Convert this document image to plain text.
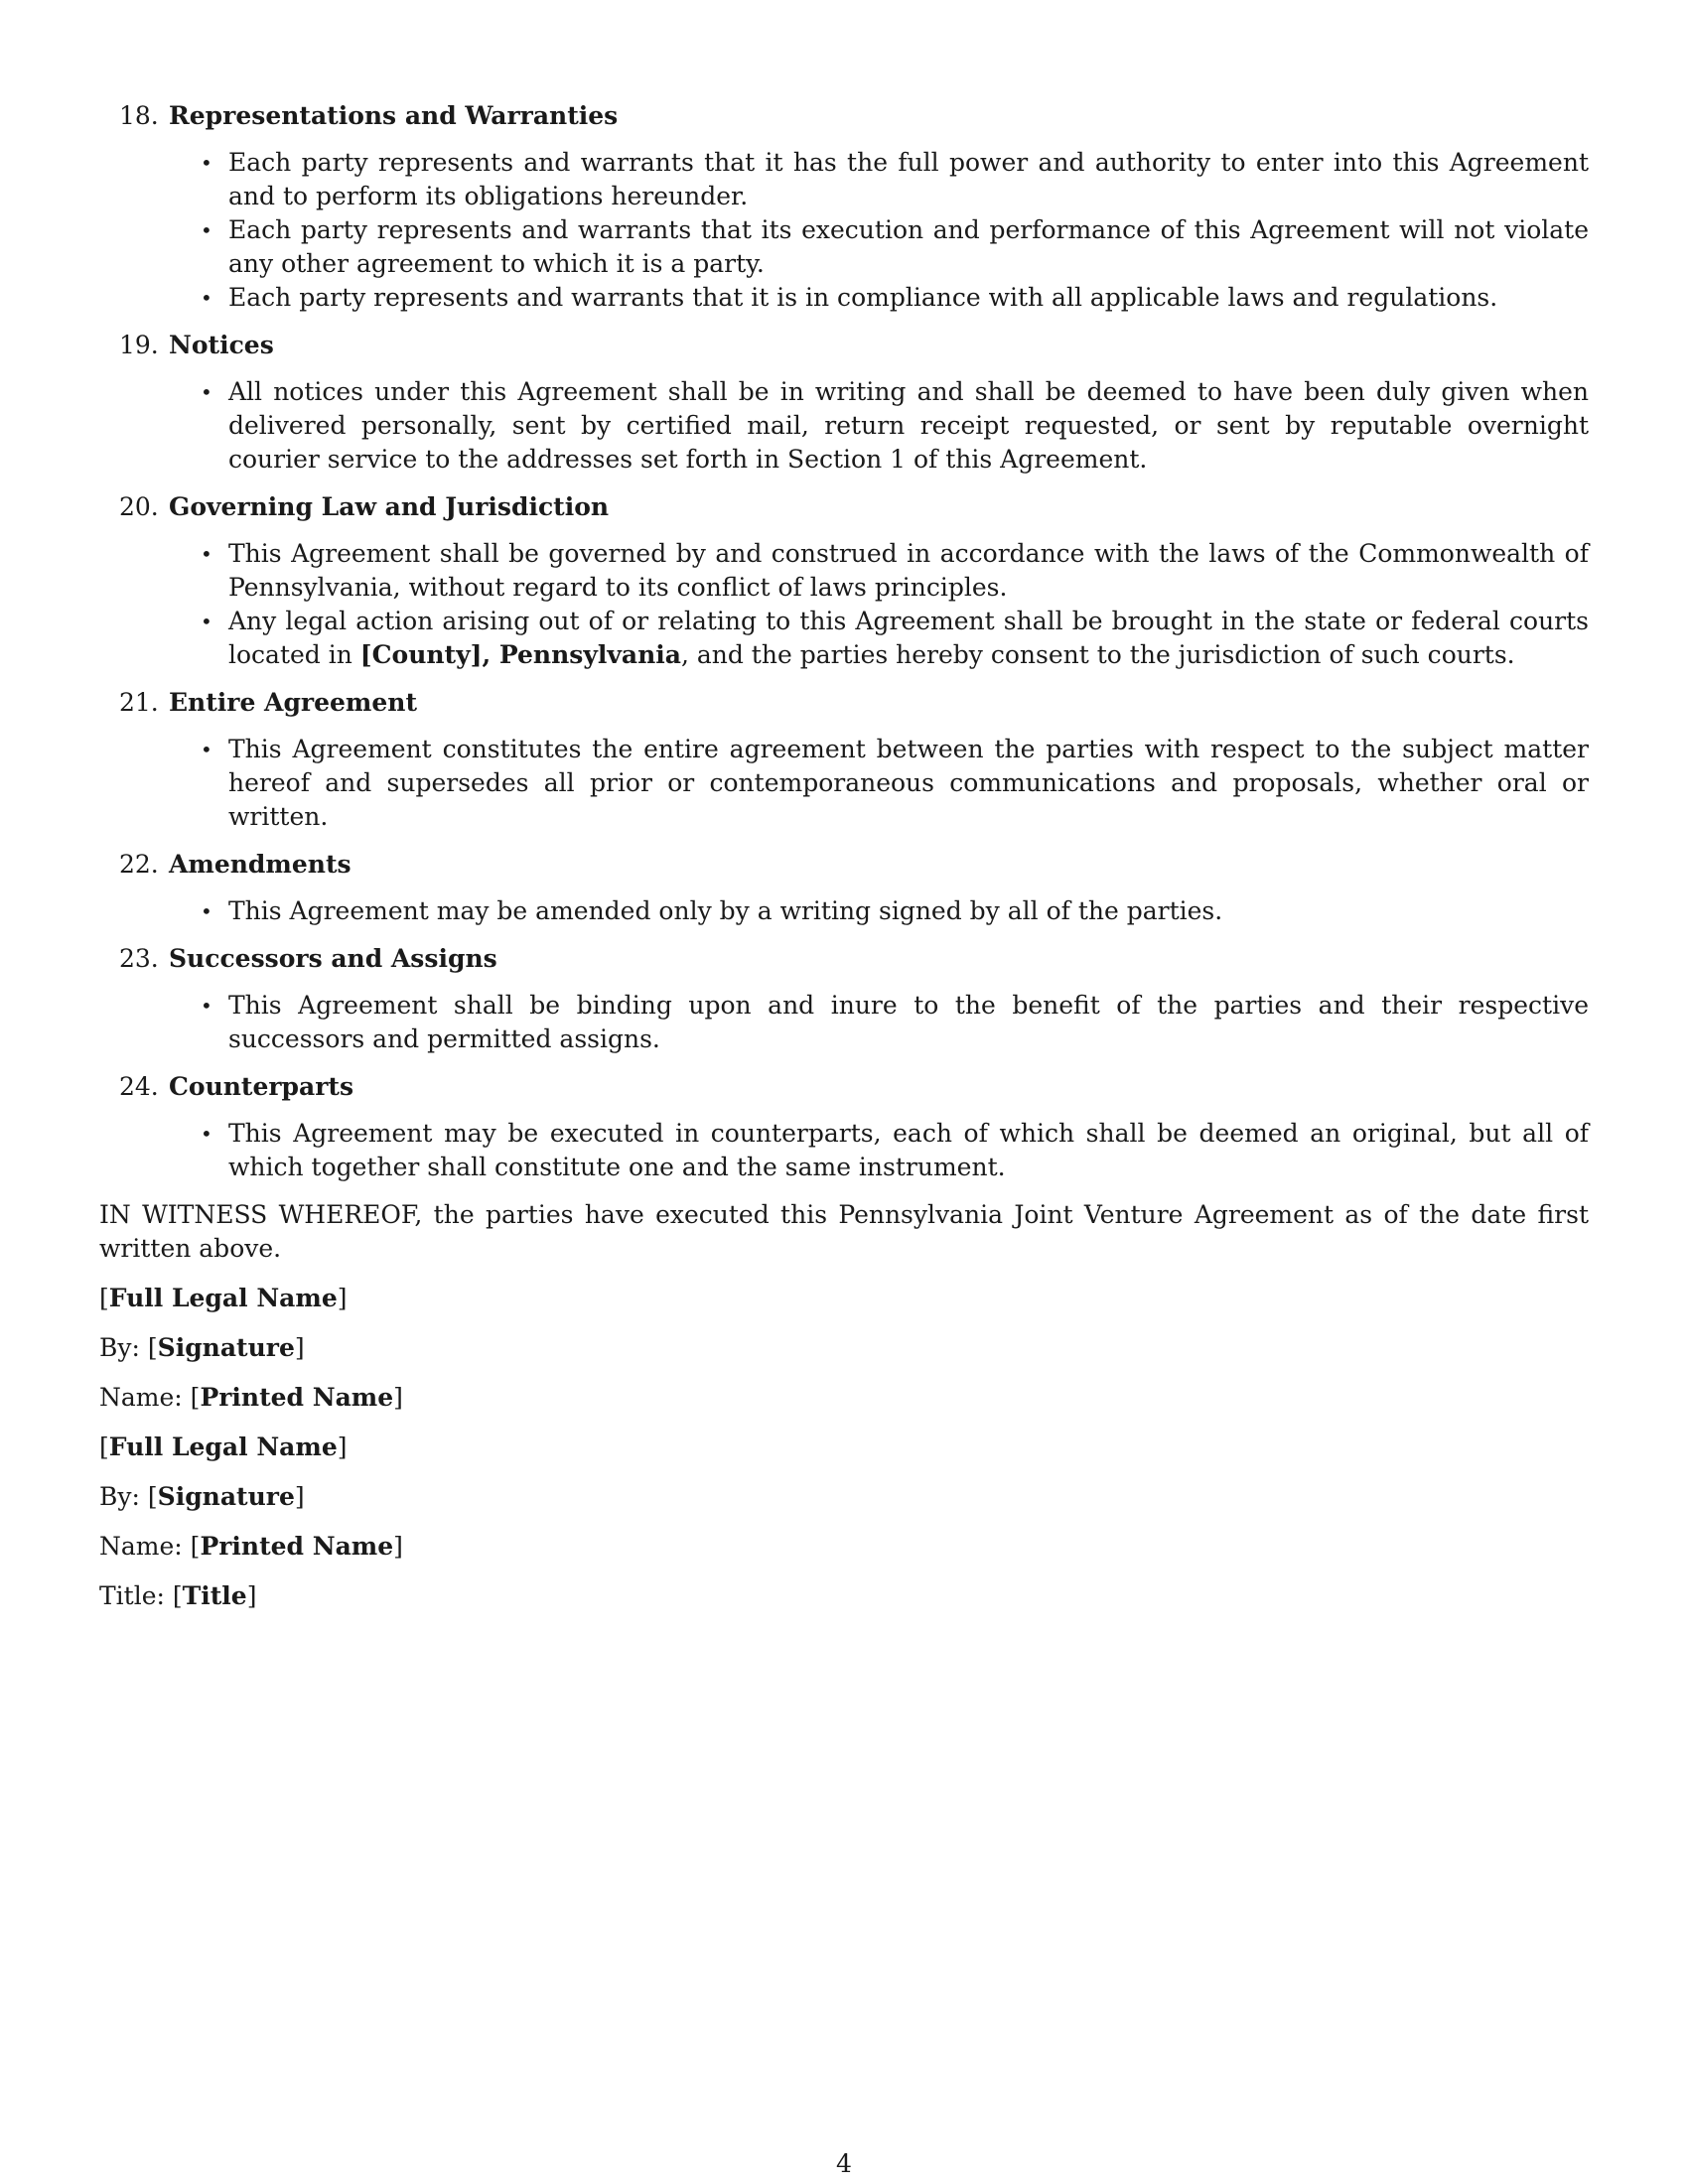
18. Representations and Warranties
• Each party represents and warrants that it has the full power and authority to enter into this Agreement and to perform its obligations hereunder.
• Each party represents and warrants that its execution and performance of this Agreement will not violate any other agreement to which it is a party.
• Each party represents and warrants that it is in compliance with all applicable laws and regulations.
19. Notices
• All notices under this Agreement shall be in writing and shall be deemed to have been duly given when delivered personally, sent by certified mail, return receipt requested, or sent by reputable overnight courier service to the addresses set forth in Section 1 of this Agreement.
20. Governing Law and Jurisdiction
• This Agreement shall be governed by and construed in accordance with the laws of the Commonwealth of Pennsylvania, without regard to its conflict of laws principles.
• Any legal action arising out of or relating to this Agreement shall be brought in the state or federal courts located in [County], Pennsylvania, and the parties hereby consent to the jurisdiction of such courts.
21. Entire Agreement
• This Agreement constitutes the entire agreement between the parties with respect to the subject matter hereof and supersedes all prior or contemporaneous communications and proposals, whether oral or written.
22. Amendments
• This Agreement may be amended only by a writing signed by all of the parties.
23. Successors and Assigns
• This Agreement shall be binding upon and inure to the benefit of the parties and their respective successors and permitted assigns.
24. Counterparts
• This Agreement may be executed in counterparts, each of which shall be deemed an original, but all of which together shall constitute one and the same instrument.

IN WITNESS WHEREOF, the parties have executed this Pennsylvania Joint Venture Agreement as of the date first written above.

[Full Legal Name]
By: [Signature]
Name: [Printed Name]
[Full Legal Name]
By: [Signature]
Name: [Printed Name]
Title: [Title]
4
